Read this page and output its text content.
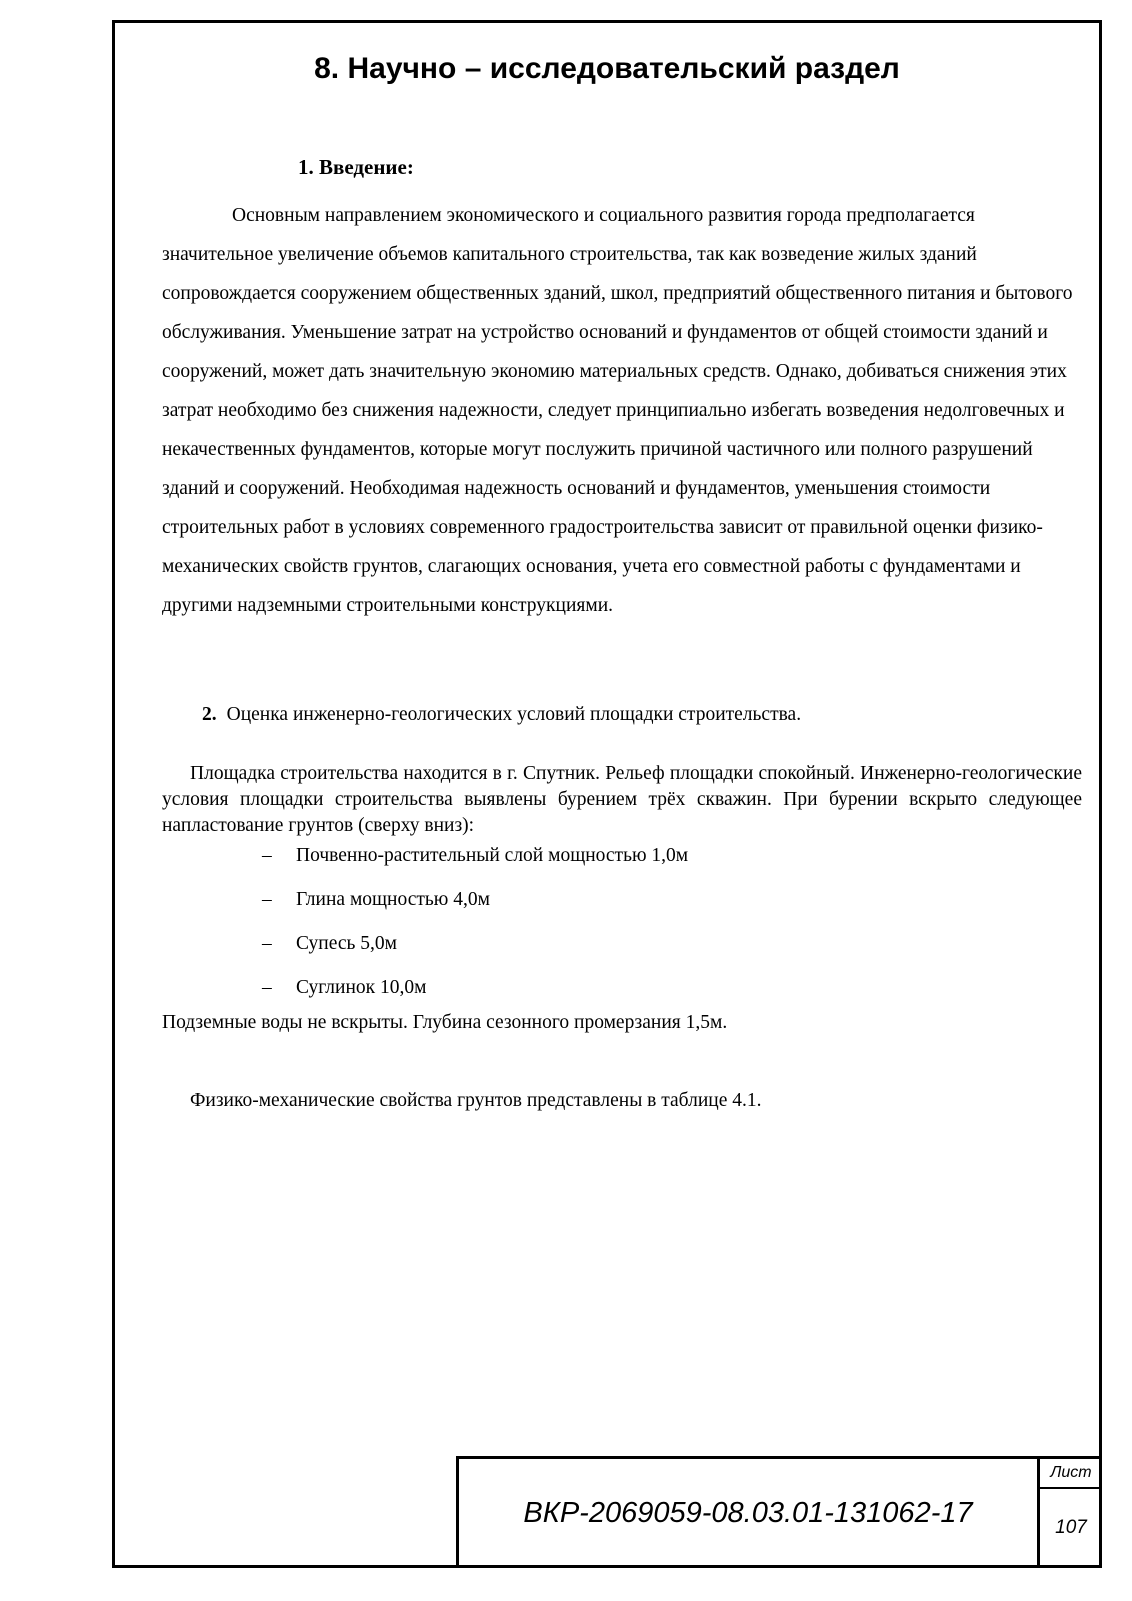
8. Научно – исследовательский раздел

1. Введение:

Основным направлением экономического и социального развития города предполагается значительное увеличение объемов капитального строительства, так как возведение жилых зданий сопровождается сооружением общественных зданий, школ, предприятий общественного питания и бытового обслуживания. Уменьшение затрат на устройство оснований и фундаментов от общей стоимости зданий и сооружений, может дать значительную экономию материальных средств. Однако, добиваться снижения этих затрат необходимо без снижения надежности, следует принципиально избегать возведения недолговечных и некачественных фундаментов, которые могут послужить причиной частичного или полного разрушений зданий и сооружений. Необходимая надежность оснований и фундаментов, уменьшения стоимости строительных работ в условиях современного градостроительства зависит от правильной оценки физико-механических свойств грунтов, слагающих основания, учета его совместной работы с фундаментами и другими надземными строительными конструкциями.

2. Оценка инженерно-геологических условий площадки строительства.

Площадка строительства находится в г. Спутник. Рельеф площадки спокойный. Инженерно-геологические условия площадки строительства выявлены бурением трёх скважин. При бурении вскрыто следующее напластование грунтов (сверху вниз):

–	Почвенно-растительный слой мощностью 1,0м
–	Глина мощностью 4,0м
–	Супесь 5,0м
–	Суглинок 10,0м

Подземные воды не вскрыты. Глубина сезонного промерзания 1,5м.

Физико-механические свойства грунтов представлены в таблице 4.1.

ВКР-2069059-08.03.01-131062-17
Лист
107
